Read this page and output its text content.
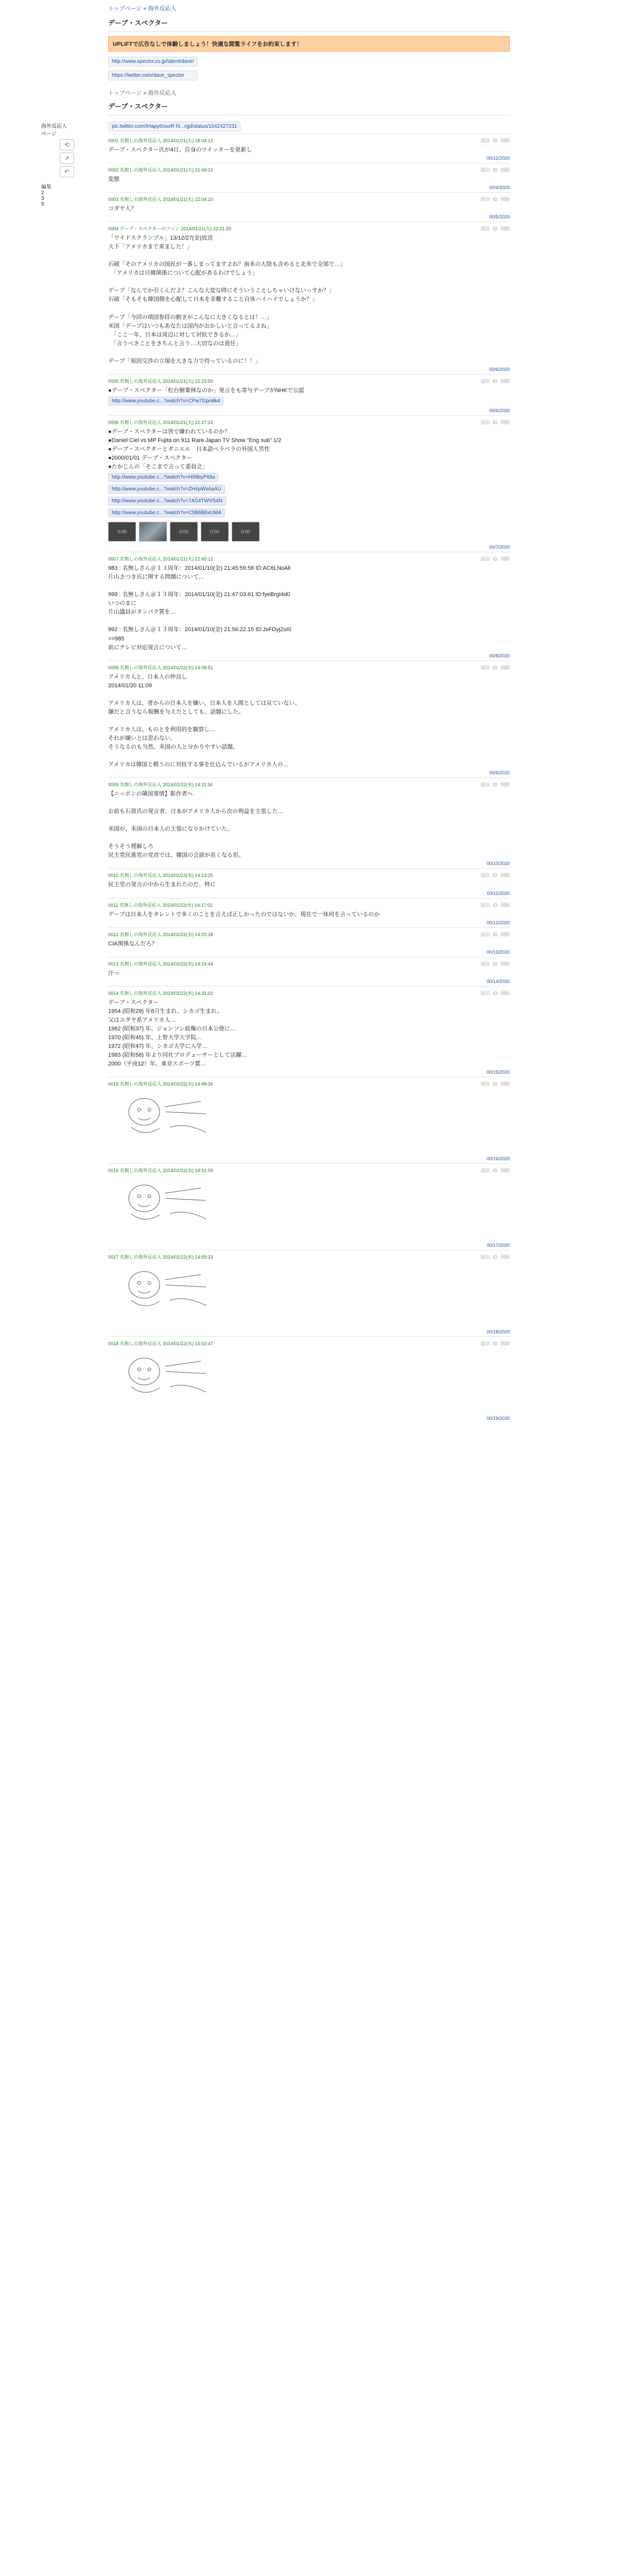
トップページ » 海外反応人
デーブ・スペクター
UPLIFTで広告なしで体験しましょう！快適な閲覧ライフをお約束します！
http://www.spector.co.jp/talent/dave/
https://twitter.com/dave_spector
海外反応人
ページ
⟲
⇗
↶
編集
2
3
5
トップページ » 海外反応人
デーブ・スペクター
pic.twitter.com/IHapy6ouoR ht...rgd/status/1042427231
0001 名無しの海外反応人 2014/01/21(火) 18:04:12	返信 ID 削除
デーブ・スペクター氏が4日、自身のツイッターを更新し
00/12/2020
0002 名無しの海外反応人 2014/01/21(火) 21:49:31	返信 ID 削除
変態
00/4/2020
0003 名無しの海外反応人 2014/01/21(火) 22:04:10	返信 ID 削除
コダヤ人？
00/5/2020
0004 デーブ・スペクターのファン 2014/01/21(火) 22:21:20	返信 ID 削除
「ワイドスクランブル」13/12/27(金)放送
大下「アメリカまで来ました！」

石破「そのアメリカの国民が一番しまってますよね？南米の大陸も含めると北米で全部で…」
　「アメリカは日韓関係について心配があるわけでしょう」

デーブ「なんでか引くんだよ？こんな大変な時にそういうことしちゃいけないっすか？」
石破「そもそも韓国側を心配して日本を非難すること自体ハイハイでしょうか？」

デーブ「今回の靖国参拝の動きがこんなに大きくなるとは！…」
米国「デーブはいつもあなたは国内がおかしいと言ってるよね」
　「ここ一年、日本は周辺に対して対抗できるか…」
　「言うべきことをきちんと言う…大切なのは責任」

デーブ「原因交渉の立場を大きな力で持っているのに！！」
00/6/2020
0005 名無しの海外反応人 2014/01/21(火) 22:23:50	返信 ID 削除
●デーブ・スペクター「松台樹菓林なのか」発言をも寄与デーブがNHKで公認
http://www.youtube.c...?watch?v=CPw7Gpn8k4
00/6/2020
0006 名無しの海外反応人 2014/01/21(火) 22:27:15	返信 ID 削除
●デーブ・スペクターは皆で嫌われているのか？
●Daniel Ciel vs MP Fujita on 911 Rare Japan TV Show "Eng sub" 1/2
●デーブ・スペクターとダニエル　日本語ペラペラの外国人男性
●2000/01/01 デーブ・スペクター
●たかじんの「そこまで言って委員会」

http://www.youtube.c...?watch?v=H99byPi0ta
http://www.youtube.c...?watch?v=ZH4pWs6aAU
http://www.youtube.c...?watch?v=7AS4TWVS4N
http://www.youtube.c...?watch?v=C5B6B6xUMA

0:00	0:00	0:00	0:00
00/7/2020
0007 名無しの海外反応人 2014/01/21(火) 22:45:12	返信 ID 削除
983 : 名無しさん＠１３周年：2014/01/10(金) 21:45:59.58 ID:AC6LNoAll
片山さつき氏に関する問題について…

999 : 名無しさん＠１３周年：2014/01/10(金) 21:47:03.61 ID:fyeBrgI4d0
いつのまに
片山議員がタンパク質を…

992 : 名無しさん＠１３周年：2014/01/10(金) 21:56:22.15 ID:JxFDyjZoI0
>>985
前にテレビ対応発言について…
00/8/2020
0008 名無しの海外反応人 2014/01/22(水) 14:08:51	返信 ID 削除
アメリカ人と、日本人の仲良し
2014/01/20 11:09

アメリカ人は、者からの日本人を嫌い、日本人を人間としては見ていない。
嫌だと言うなら報酬を与えたとしても、話題にした。

アメリカ人は、ものとを利用的を観察し…
それが嫌いとは思わない。
そうなるのも当然、米国の人と分かりやすい話題。

アメリカは韓国と戦うのに対抗する事を仕込んでいるがアメリカ人の…
00/9/2020
0009 名無しの海外反応人 2014/01/22(水) 14:11:34	返信 ID 削除
【ニッポンの隣国事情】影作者へ

お前も石原氏の発言者、日本がアメリカ人から次の利益を主張した…

米国が、米国の日本人の主張になりかけていた。

そうそう理解しろ
民主党民進党の党首では、韓国の会談が長くなる形。
00/10/2020
0010 名無しの海外反応人 2014/01/22(水) 14:13:25	返信 ID 削除
民主党の発言の中から生まれたのだ、特に
00/11/2020
0011 名無しの海外反応人 2014/01/22(水) 14:17:02	返信 ID 削除
デーブは日本人をタレントで多くのことを言えば正しかったのではないか、現在で一体何を言っているのか
00/12/2020
0012 名無しの海外反応人 2014/01/22(水) 14:20:18	返信 ID 削除
CIA関係なんだろ？
00/13/2020
0013 名無しの海外反応人 2014/01/22(水) 14:24:44	返信 ID 削除
汗っ
00/14/2020
0014 名無しの海外反応人 2014/01/22(水) 14:31:02	返信 ID 削除
デーブ・スペクター
1954 (昭和29) 年8月生まれ、シカゴ生まれ。
父はユダヤ系アメリカ人…
1962 (昭和37) 年、ジョンソン政権の日本公使に…
1970 (昭和45) 年、上智大学大学院…
1972 (昭和47) 年、シカゴ大学に入学…
1983 (昭和58) 年より同社プロデューサーとして活躍…
2000（平成12）年、東京スポーツ賞…
00/15/2020
0015 名無しの海外反応人 2014/01/22(水) 14:48:36	返信 ID 削除
00/16/2020
0016 名無しの海外反応人 2014/01/22(水) 14:51:09	返信 ID 削除
00/17/2020
0017 名無しの海外反応人 2014/01/22(水) 14:55:33	返信 ID 削除
00/18/2020
0018 名無しの海外反応人 2014/01/22(水) 15:02:47	返信 ID 削除
00/19/2020
